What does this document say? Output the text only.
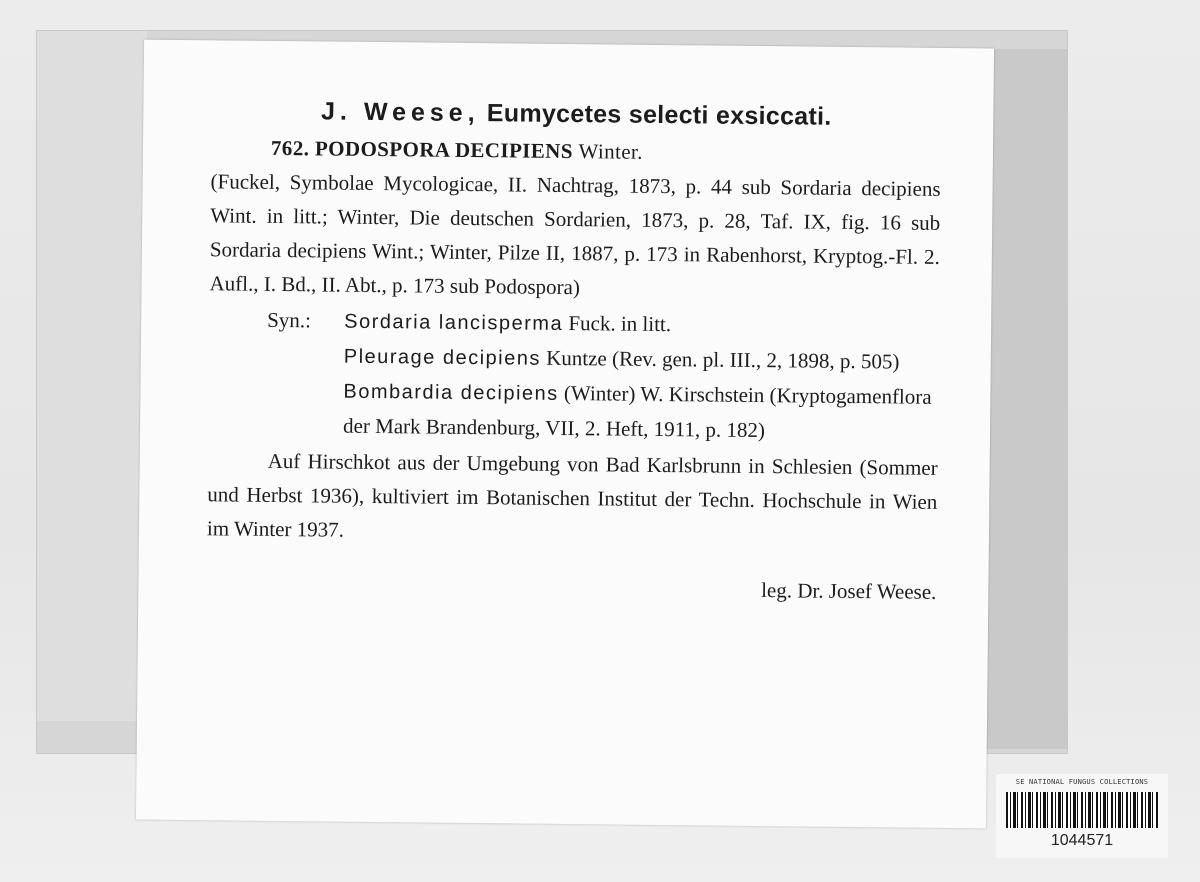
J. Weese, Eumycetes selecti exsiccati.
762. PODOSPORA DECIPIENS Winter.
(Fuckel, Symbolae Mycologicae, II. Nachtrag, 1873, p. 44 sub Sordaria decipiens Wint. in litt.; Winter, Die deutschen Sordarien, 1873, p. 28, Taf. IX, fig. 16 sub Sordaria decipiens Wint.; Winter, Pilze II, 1887, p. 173 in Rabenhorst, Kryptog.-Fl. 2. Aufl., I. Bd., II. Abt., p. 173 sub Podospora)
Syn.: Sordaria lancisperma Fuck. in litt.
Pleurage decipiens Kuntze (Rev. gen. pl. III., 2, 1898, p. 505)
Bombardia decipiens (Winter) W. Kirschstein (Kryptogamenflora der Mark Brandenburg, VII, 2. Heft, 1911, p. 182)
Auf Hirschkot aus der Umgebung von Bad Karlsbrunn in Schlesien (Sommer und Herbst 1936), kultiviert im Botanischen Institut der Techn. Hochschule in Wien im Winter 1937.
leg. Dr. Josef Weese.
SE NATIONAL FUNGUS COLLECTIONS
1044571
